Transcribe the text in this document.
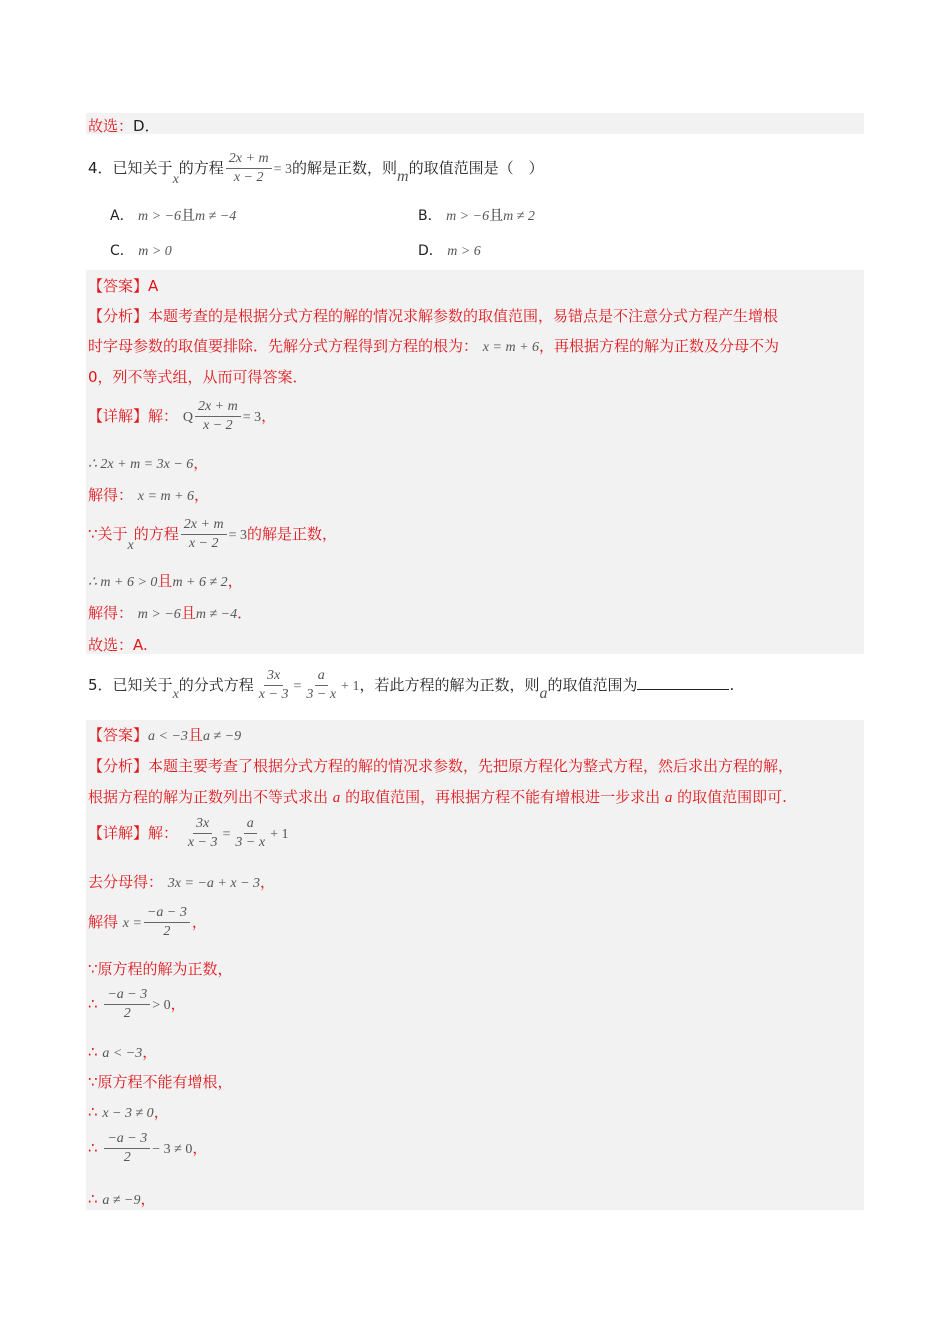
故选：D．
4．已知关于x的方程 $\frac{2x + m}{x - 2} = 3$的解是正数，则m的取值范围是（　）
A． m > −6且m ≠ −4	B． m > −6且m ≠ 2
C． m > 0	D． m > 6
【答案】A
【分析】本题考查的是根据分式方程的解的情况求解参数的取值范围，易错点是不注意分式方程产生增根
时字母参数的取值要排除．先解分式方程得到方程的根为： x = m + 6，再根据方程的解为正数及分母不为
0，列不等式组，从而可得答案．
【详解】解： Q $\frac{2x + m}{x - 2} = 3$，
∴ 2x + m = 3x − 6，
解得： x = m + 6，
∵关于x的方程 $\frac{2x + m}{x - 2} = 3$的解是正数，
∴ m + 6 > 0且m + 6 ≠ 2，
解得： m > −6且m ≠ −4．
故选：A.
5．已知关于x的分式方程 $\frac{3x}{x - 3} = \frac{a}{3 - x} + 1$，若此方程的解为正数，则a的取值范围为	.
【答案】a < −3且a ≠ −9
【分析】本题主要考查了根据分式方程的解的情况求参数，先把原方程化为整式方程，然后求出方程的解，
根据方程的解为正数列出不等式求出 a 的取值范围，再根据方程不能有增根进一步求出 a 的取值范围即可.
【详解】解： $\frac{3x}{x - 3} = \frac{a}{3 - x} + 1$
去分母得： 3x = −a + x − 3，
解得 $x = \frac{-a - 3}{2}$ ，
∵原方程的解为正数，
∴ $\frac{-a - 3}{2} > 0$，
∴ a < −3，
∵原方程不能有增根，
∴ x − 3 ≠ 0，
∴ $\frac{-a - 3}{2} - 3 \ne 0$，
∴ a ≠ −9，
